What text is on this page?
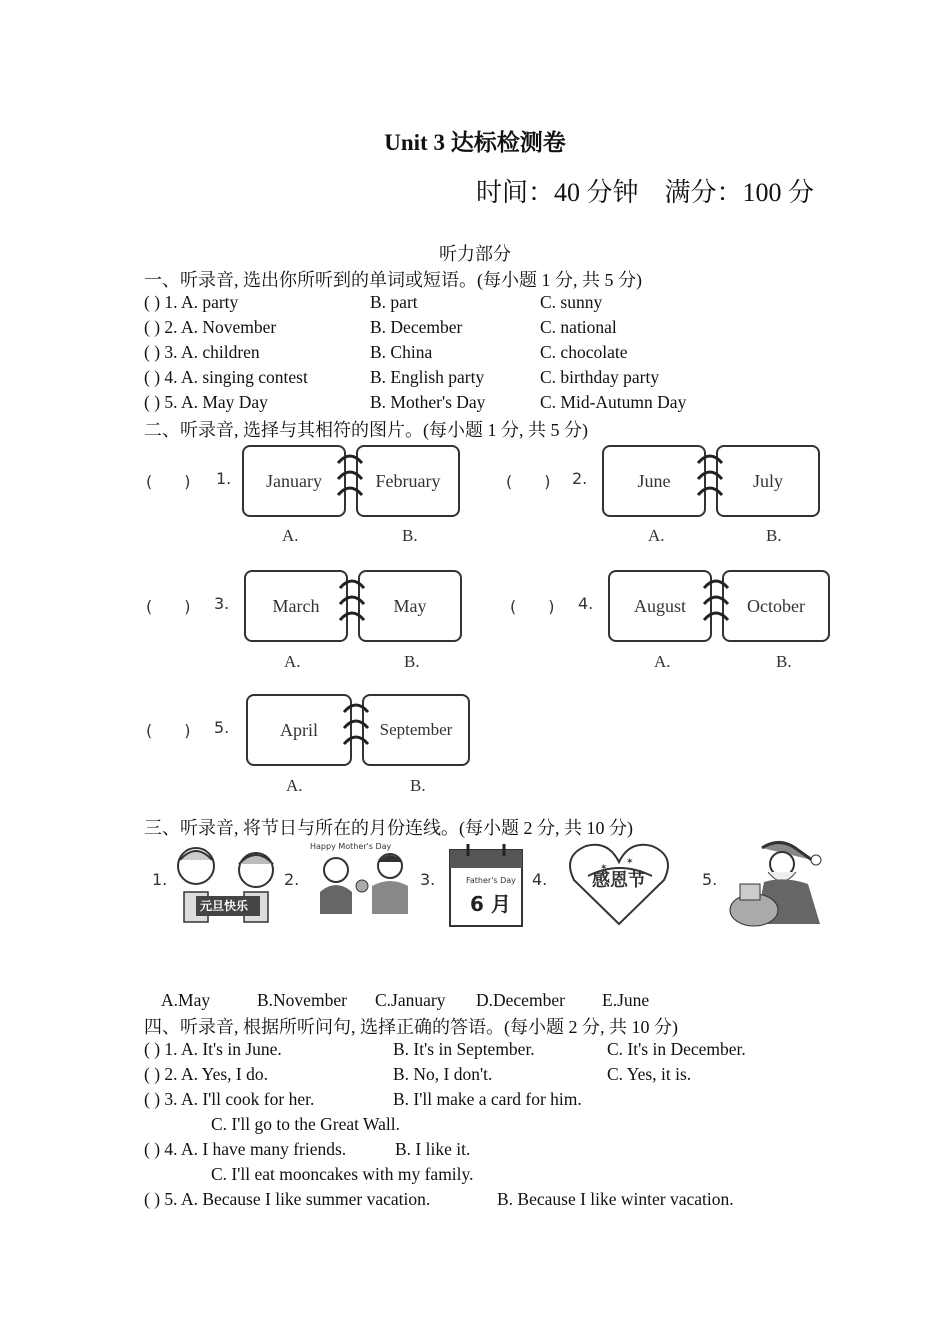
Unit 3 达标检测卷
时间：40 分钟　满分：100 分
听力部分
一、听录音, 选出你所听到的单词或短语。(每小题 1 分, 共 5 分)
( ) 1. A. party	B. part	C. sunny
( ) 2. A. November	B. December	C. national
( ) 3. A. children	B. China	C. chocolate
( ) 4. A. singing contest	B. English party	C. birthday party
( ) 5. A. May Day	B. Mother's Day	C. Mid-Autumn Day
二、听录音, 选择与其相符的图片。(每小题 1 分, 共 5 分)
(　　) 1.	January	February
A.	B.
(　　) 2.	June	July
A.	B.
(　　) 3.	March	May
A.	B.
(　　) 4.	August	October
A.	B.
(　　) 5.	April	September
A.	B.
三、听录音, 将节日与所在的月份连线。(每小题 2 分, 共 10 分)
1.
元旦快乐
2.
Happy Mother's Day
3.	Father's Day
6 月
4.
✶
✶
感恩节	5.
A.May	B.November C.January D.December E.June
四、听录音, 根据所听问句, 选择正确的答语。(每小题 2 分, 共 10 分)
( ) 1. A. It's in June.	B. It's in September.	C. It's in December.
( ) 2. A. Yes, I do.	B. No, I don't.	C. Yes, it is.
( ) 3. A. I'll cook for her.	B. I'll make a card for him.
C. I'll go to the Great Wall.
( ) 4. A. I have many friends.	B. I like it.
C. I'll eat mooncakes with my family.
( ) 5. A. Because I like summer vacation.	B. Because I like winter vacation.
